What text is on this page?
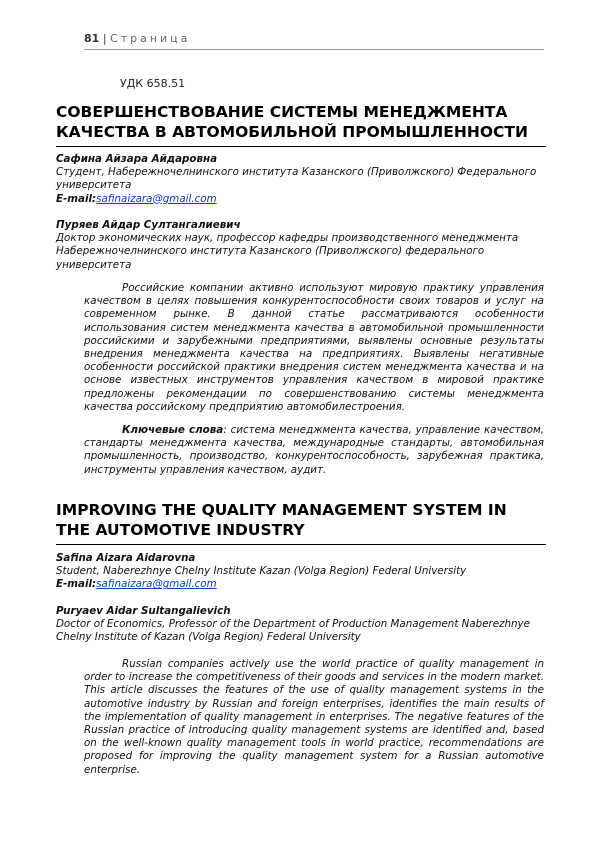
81 | Страница
УДК 658.51
СОВЕРШЕНСТВОВАНИЕ СИСТЕМЫ МЕНЕДЖМЕНТА КАЧЕСТВА В АВТОМОБИЛЬНОЙ ПРОМЫШЛЕННОСТИ
Сафина Айзара Айдаровна
Студент, Набережночелнинского института Казанского (Приволжского) Федерального университета
E-mail:safinaizara@gmail.com
Пуряев Айдар Султангалиевич
Доктор экономических наук, профессор кафедры производственного менеджмента Набережночелнинского института Казанского (Приволжского) федерального университета
Российские компании активно используют мировую практику управления качеством в целях повышения конкурентоспособности своих товаров и услуг на современном рынке. В данной статье рассматриваются особенности использования систем менеджмента качества в автомобильной промышленности российскими и зарубежными предприятиями, выявлены основные результаты внедрения менеджмента качества на предприятиях. Выявлены негативные особенности российской практики внедрения систем менеджмента качества и на основе известных инструментов управления качеством в мировой практике предложены рекомендации по совершенствованию системы менеджмента качества российскому предприятию автомобилестроения.
Ключевые слова: система менеджмента качества, управление качеством, стандарты менеджмента качества, международные стандарты, автомобильная промышленность, производство, конкурентоспособность, зарубежная практика, инструменты управления качеством, аудит.
IMPROVING THE QUALITY MANAGEMENT SYSTEM IN THE AUTOMOTIVE INDUSTRY
Safina Aizara Aidarovna
Student, Naberezhnye Chelny Institute Kazan (Volga Region) Federal University
E-mail:safinaizara@gmail.com
Puryaev Aidar Sultangalievich
Doctor of Economics, Professor of the Department of Production Management Naberezhnye Chelny Institute of Kazan (Volga Region) Federal University
Russian companies actively use the world practice of quality management in order to increase the competitiveness of their goods and services in the modern market. This article discusses the features of the use of quality management systems in the automotive industry by Russian and foreign enterprises, identifies the main results of the implementation of quality management in enterprises. The negative features of the Russian practice of introducing quality management systems are identified and, based on the well-known quality management tools in world practice, recommendations are proposed for improving the quality management system for a Russian automotive enterprise.
